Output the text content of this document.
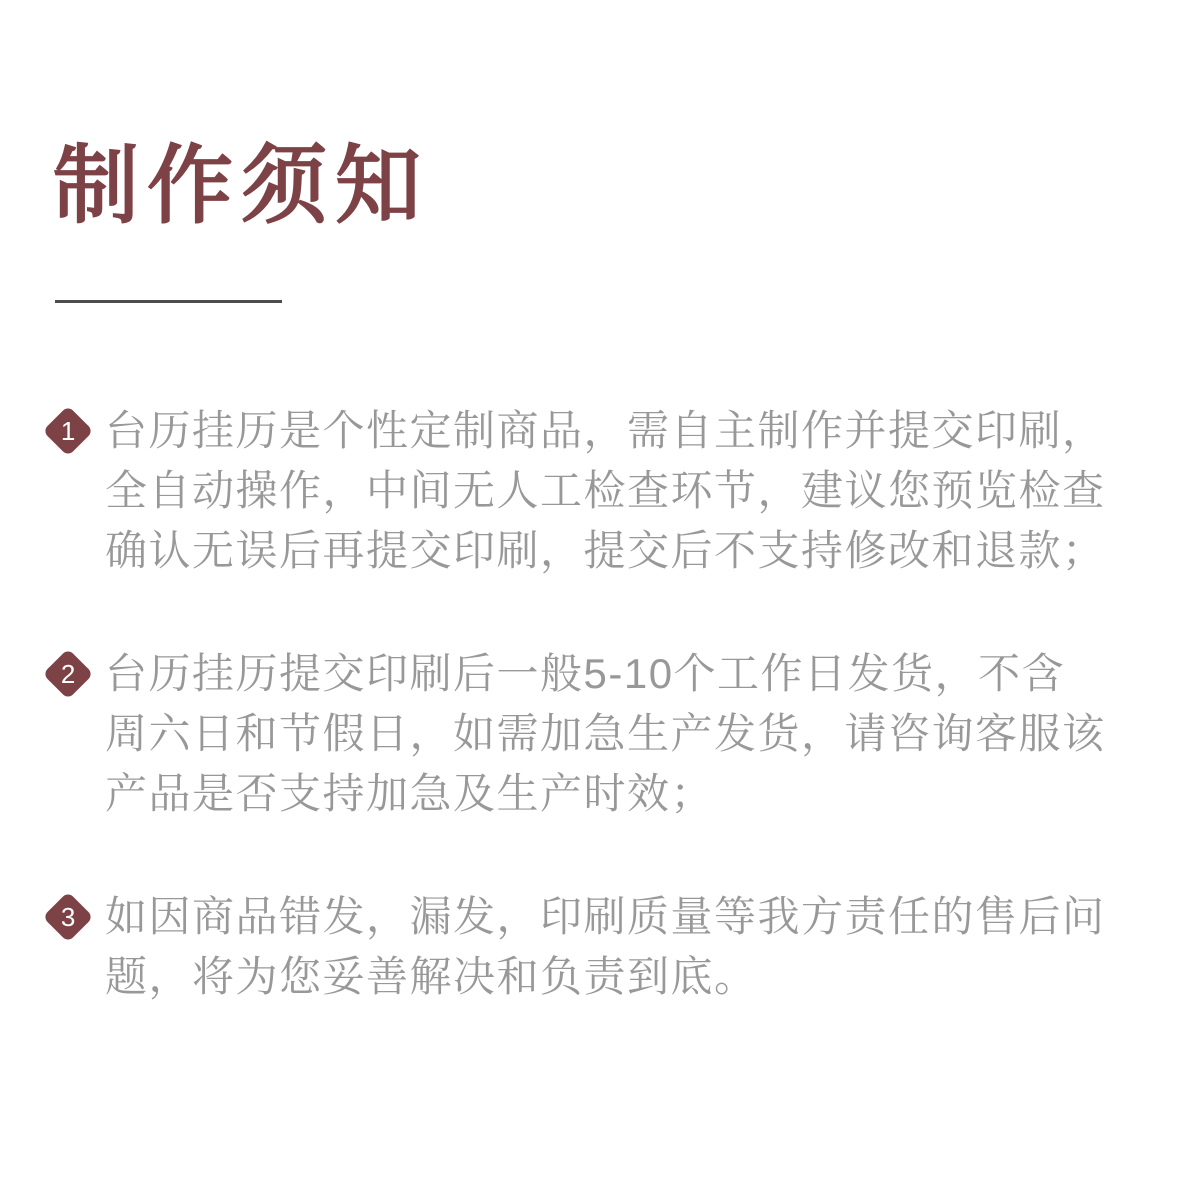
制作须知
1 台历挂历是个性定制商品，需自主制作并提交印刷，
全自动操作，中间无人工检查环节，建议您预览检查
确认无误后再提交印刷，提交后不支持修改和退款；
2 台历挂历提交印刷后一般5-10个工作日发货，不含
周六日和节假日，如需加急生产发货，请咨询客服该
产品是否支持加急及生产时效；
3 如因商品错发，漏发，印刷质量等我方责任的售后问
题，将为您妥善解决和负责到底。
